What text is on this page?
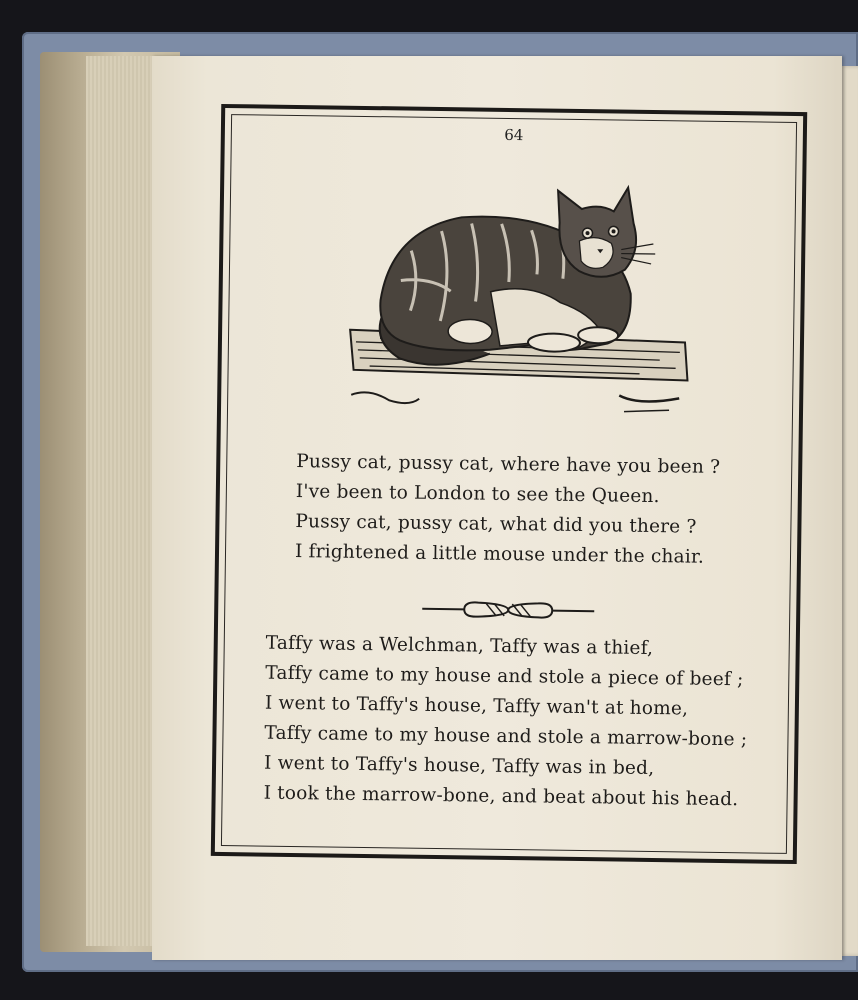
64
Pussy cat, pussy cat, where have you been ?
I've been to London to see the Queen.
Pussy cat, pussy cat, what did you there ?
I frightened a little mouse under the chair.
Taffy was a Welchman, Taffy was a thief,
Taffy came to my house and stole a piece of beef ;
I went to Taffy's house, Taffy wan't at home,
Taffy came to my house and stole a marrow-bone ;
I went to Taffy's house, Taffy was in bed,
I took the marrow-bone, and beat about his head.
